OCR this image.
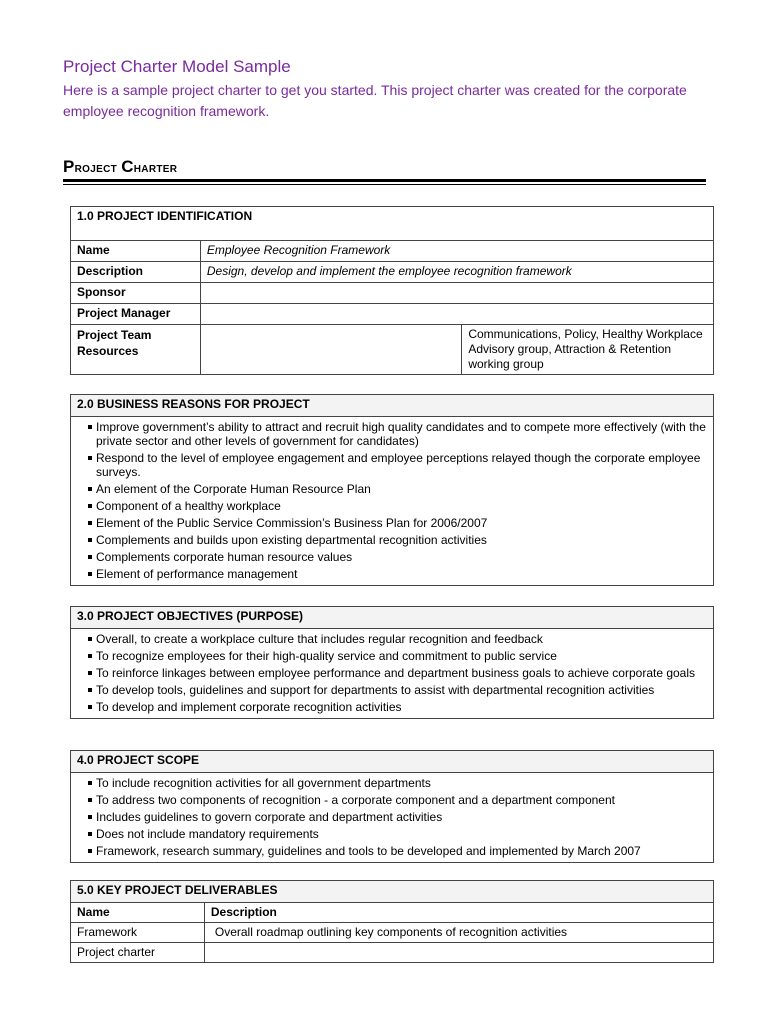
Project Charter Model Sample

Here is a sample project charter to get you started. This project charter was created for the corporate employee recognition framework.

Project Charter
1.0 PROJECT IDENTIFICATION		
Name	Employee Recognition Framework	
Description	Design, develop and implement the employee recognition framework	
Sponsor		
Project Manager		
Project Team Resources		Communications, Policy, Healthy Workplace Advisory group, Attraction & Retention working group
2.0 BUSINESS REASONS FOR PROJECT

Improve government’s ability to attract and recruit high quality candidates and to compete more effectively (with the private sector and other levels of government for candidates)
Respond to the level of employee engagement and employee perceptions relayed though the corporate employee surveys.
An element of the Corporate Human Resource Plan
Component of a healthy workplace
Element of the Public Service Commission’s Business Plan for 2006/2007
Complements and builds upon existing departmental recognition activities
Complements corporate human resource values
Element of performance management
3.0 PROJECT OBJECTIVES (PURPOSE)

Overall, to create a workplace culture that includes regular recognition and feedback
To recognize employees for their high-quality service and commitment to public service
To reinforce linkages between employee performance and department business goals to achieve corporate goals
To develop tools, guidelines and support for departments to assist with departmental recognition activities
To develop and implement corporate recognition activities
4.0 PROJECT SCOPE

To include recognition activities for all government departments
To address two components of recognition - a corporate component and a department component
Includes guidelines to govern corporate and department activities
Does not include mandatory requirements
Framework, research summary, guidelines and tools to be developed and implemented by March 2007
5.0 KEY PROJECT DELIVERABLES	
Name	Description
Framework	Overall roadmap outlining key components of recognition activities
Project charter	
